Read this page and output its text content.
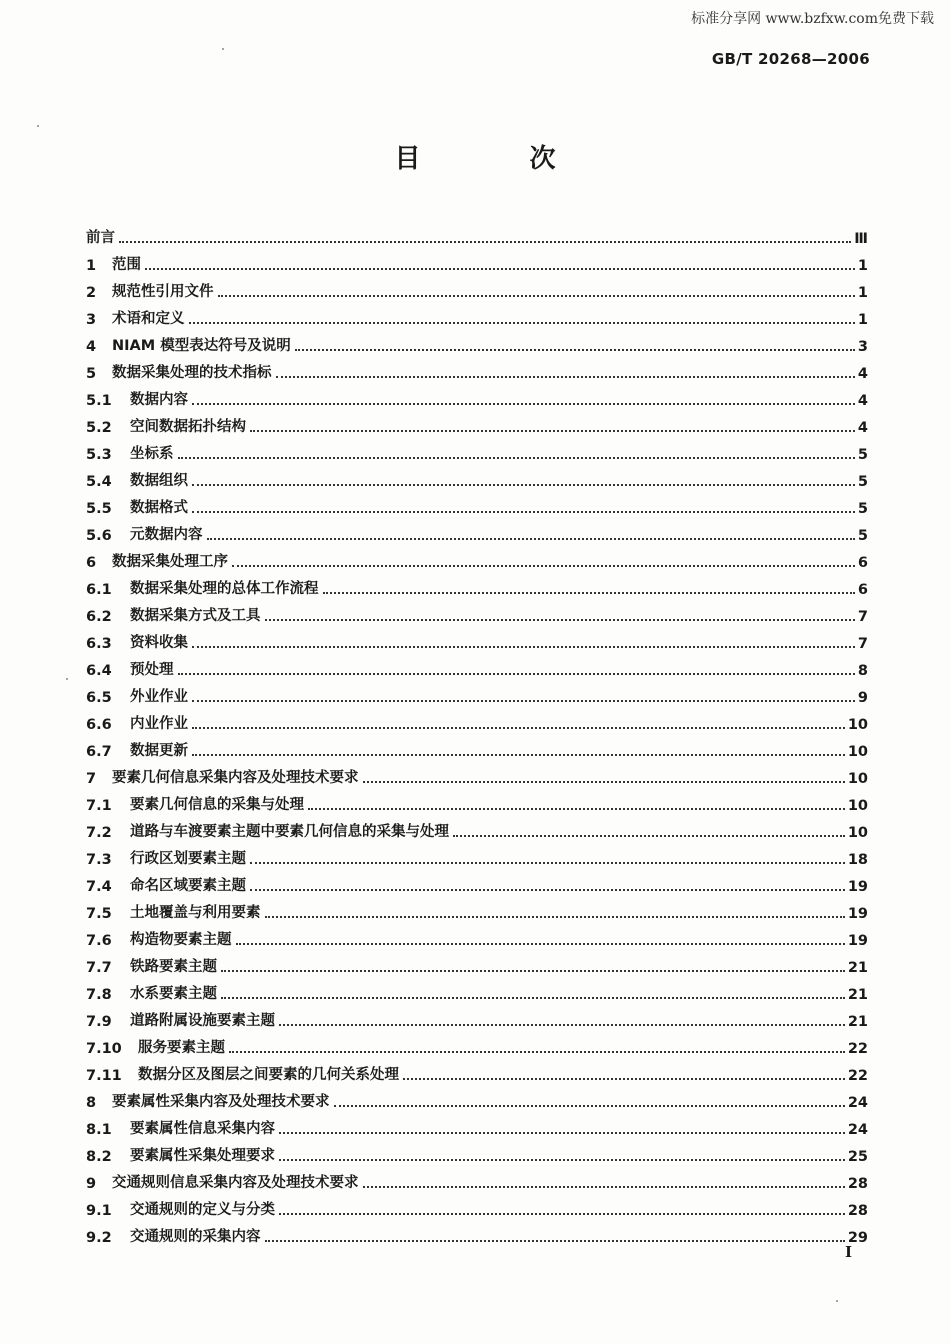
标准分享网 www.bzfxw.com免费下载
GB/T 20268—2006
目 次
前言	Ⅲ
1	范围	1
2	规范性引用文件	1
3	术语和定义	1
4	NIAM 模型表达符号及说明	3
5	数据采集处理的技术指标	4
5.1	数据内容	4
5.2	空间数据拓扑结构	4
5.3	坐标系	5
5.4	数据组织	5
5.5	数据格式	5
5.6	元数据内容	5
6	数据采集处理工序	6
6.1	数据采集处理的总体工作流程	6
6.2	数据采集方式及工具	7
6.3	资料收集	7
6.4	预处理	8
6.5	外业作业	9
6.6	内业作业	10
6.7	数据更新	10
7	要素几何信息采集内容及处理技术要求	10
7.1	要素几何信息的采集与处理	10
7.2	道路与车渡要素主题中要素几何信息的采集与处理	10
7.3	行政区划要素主题	18
7.4	命名区域要素主题	19
7.5	土地覆盖与利用要素	19
7.6	构造物要素主题	19
7.7	铁路要素主题	21
7.8	水系要素主题	21
7.9	道路附属设施要素主题	21
7.10	服务要素主题	22
7.11	数据分区及图层之间要素的几何关系处理	22
8	要素属性采集内容及处理技术要求	24
8.1	要素属性信息采集内容	24
8.2	要素属性采集处理要求	25
9	交通规则信息采集内容及处理技术要求	28
9.1	交通规则的定义与分类	28
9.2	交通规则的采集内容	29
I
